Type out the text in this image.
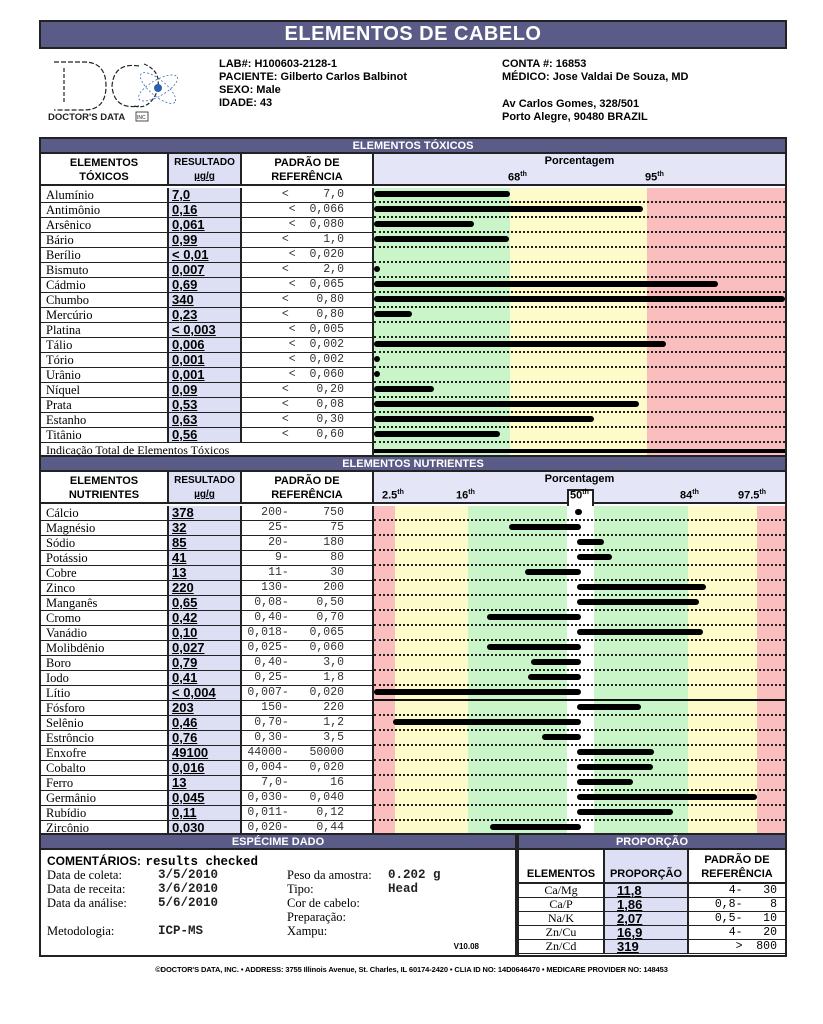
ELEMENTOS DE CABELO
DOCTOR'S DATA INC
LAB#: H100603-2128-1
PACIENTE: Gilberto Carlos Balbinot
SEXO: Male
IDADE: 43
CONTA #: 16853
MÉDICO: Jose Valdai De Souza, MD
Av Carlos Gomes, 328/501
Porto Alegre, 90480 BRAZIL
ELEMENTOS TÓXICOS
ELEMENTOS
TÓXICOS
RESULTADO
µg/g
PADRÃO DE
REFERÊNCIA
Porcentagem
68th	95th
Alumínio	7,0	<     7,0
Antimônio	0,16	<  0,066
Arsênico	0,061	<  0,080
Bário	0,99	<     1,0
Berílio	< 0,01	<  0,020
Bismuto	0,007	<     2,0
Cádmio	0,69	<  0,065
Chumbo	340	<    0,80
Mercúrio	0,23	<    0,80
Platina	< 0,003	<  0,005
Tálio	0,006	<  0,002
Tório	0,001	<  0,002
Urânio	0,001	<  0,060
Níquel	0,09	<    0,20
Prata	0,53	<    0,08
Estanho	0,63	<    0,30
Titânio	0,56	<    0,60
Indicação Total de Elementos Tóxicos
ELEMENTOS NUTRIENTES
ELEMENTOS
NUTRIENTES
RESULTADO
µg/g
PADRÃO DE
REFERÊNCIA
Porcentagem
2.5th	16th	50th	84th	97.5th
Cálcio	378	200-     750
Magnésio	32	25-      75
Sódio	85	20-     180
Potássio	41	9-      80
Cobre	13	11-      30
Zinco	220	130-     200
Manganês	0,65	0,08-    0,50
Cromo	0,42	0,40-    0,70
Vanádio	0,10	0,018-   0,065
Molibdênio	0,027	0,025-   0,060
Boro	0,79	0,40-     3,0
Iodo	0,41	0,25-     1,8
Lítio	< 0,004	0,007-   0,020
Fósforo	203	150-     220
Selênio	0,46	0,70-     1,2
Estrôncio	0,76	0,30-     3,5
Enxofre	49100	44000-   50000
Cobalto	0,016	0,004-   0,020
Ferro	13	7,0-      16
Germânio	0,045	0,030-   0,040
Rubídio	0,11	0,011-    0,12
Zircônio	0,030	0,020-    0,44
ESPÉCIME DADO
COMENTÁRIOS: results checked
Data de coleta:	3/5/2010
Data de receita:	3/6/2010
Data da análise: 5/6/2010
Metodologia:	ICP-MS
Peso da amostra: 0.202 g
Tipo:	Head
Cor de cabelo:
Preparação:
Xampu:
V10.08
PROPORÇÃO
ELEMENTOS	PROPORÇÃO
PADRÃO DE
REFERÊNCIA
Ca/Mg	11,8	4-   30
Ca/P	1,86	0,8-    8
Na/K	2,07	0,5-   10
Zn/Cu	16,9	4-   20
Zn/Cd	319	>  800
©DOCTOR'S DATA, INC. • ADDRESS: 3755 Illinois Avenue, St. Charles, IL 60174-2420 • CLIA ID NO: 14D0646470 • MEDICARE PROVIDER NO: 148453
